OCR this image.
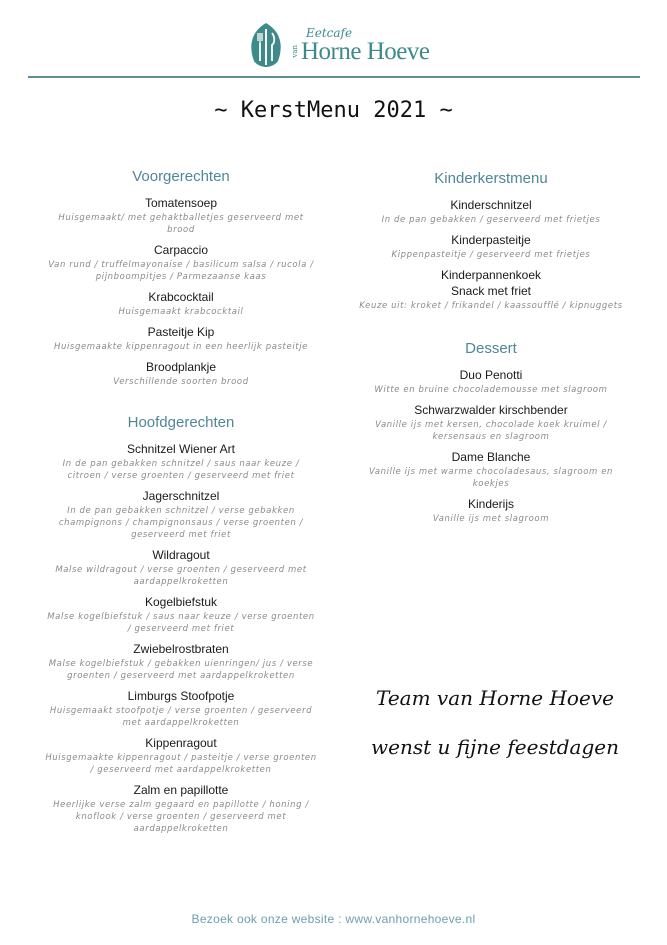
Eetcafe
van Horne Hoeve
~ KerstMenu 2021 ~
Voorgerechten
Tomatensoep
Huisgemaakt/ met gehaktballetjes geserveerd met brood
Carpaccio
Van rund / truffelmayonaise / basilicum salsa / rucola / pijnboompitjes / Parmezaanse kaas
Krabcocktail
Huisgemaakt krabcocktail
Pasteitje Kip
Huisgemaakte kippenragout in een heerlijk pasteitje
Broodplankje
Verschillende soorten brood
Hoofdgerechten
Schnitzel Wiener Art
In de pan gebakken schnitzel / saus naar keuze / citroen / verse groenten / geserveerd met friet
Jagerschnitzel
In de pan gebakken schnitzel / verse gebakken champignons / champignonsaus / verse groenten / geserveerd met friet
Wildragout
Malse wildragout / verse groenten / geserveerd met aardappelkroketten
Kogelbiefstuk
Malse kogelbiefstuk / saus naar keuze / verse groenten / geserveerd met friet
Zwiebelrostbraten
Malse kogelbiefstuk / gebakken uienringen/ jus / verse groenten / geserveerd met aardappelkroketten
Limburgs Stoofpotje
Huisgemaakt stoofpotje / verse groenten / geserveerd met aardappelkroketten
Kippenragout
Huisgemaakte kippenragout / pasteitje / verse groenten / geserveerd met aardappelkroketten
Zalm en papillotte
Heerlijke verse zalm gegaard en papillotte / honing / knoflook / verse groenten / geserveerd met aardappelkroketten
Kinderkerstmenu
Kinderschnitzel
In de pan gebakken / geserveerd met frietjes
Kinderpasteitje
Kippenpasteitje / geserveerd met frietjes
Kinderpannenkoek
Snack met friet
Keuze uit: kroket / frikandel / kaassoufflé / kipnuggets
Dessert
Duo Penotti
Witte en bruine chocolademousse met slagroom
Schwarzwalder kirschbender
Vanille ijs met kersen, chocolade koek kruimel / kersensaus en slagroom
Dame Blanche
Vanille ijs met warme chocoladesaus, slagroom en koekjes
Kinderijs
Vanille ijs met slagroom
Team van Horne Hoeve
wenst u fijne feestdagen
Bezoek ook onze website : www.vanhornehoeve.nl
